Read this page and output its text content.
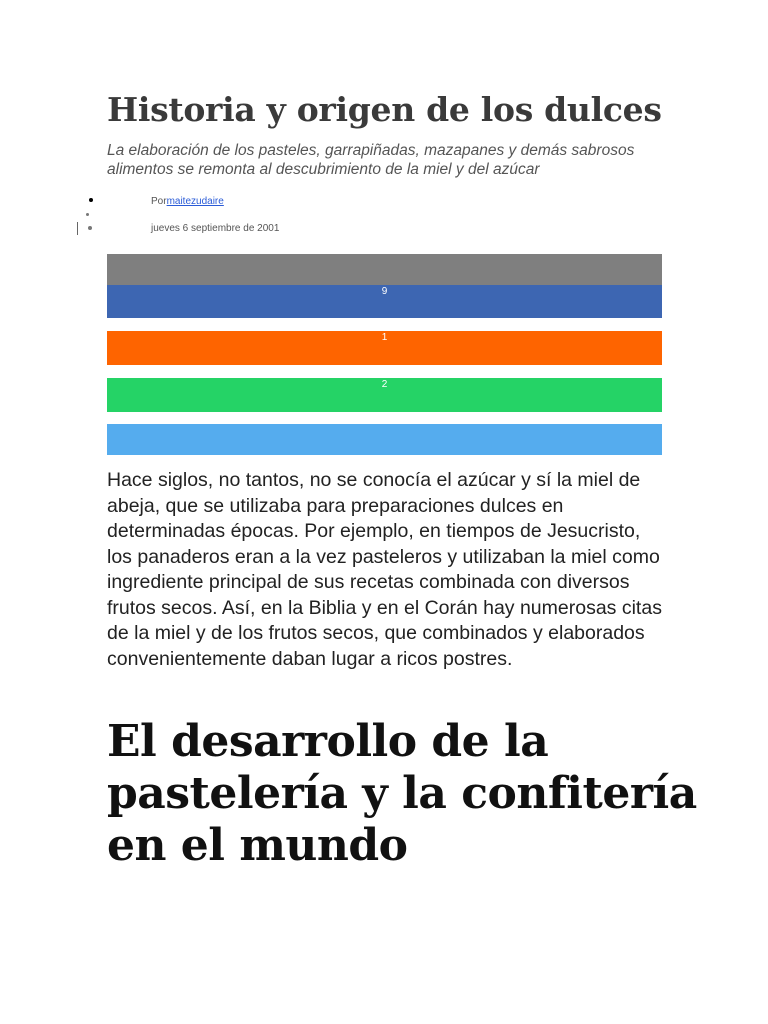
Historia y origen de los dulces

La elaboración de los pasteles, garrapiñadas, mazapanes y demás sabrosos alimentos se remonta al descubrimiento de la miel y del azúcar

Pormaitezudaire

jueves 6 septiembre de 2001

9
1
2

Hace siglos, no tantos, no se conocía el azúcar y sí la miel de abeja, que se utilizaba para preparaciones dulces en determinadas épocas. Por ejemplo, en tiempos de Jesucristo, los panaderos eran a la vez pasteleros y utilizaban la miel como ingrediente principal de sus recetas combinada con diversos frutos secos. Así, en la Biblia y en el Corán hay numerosas citas de la miel y de los frutos secos, que combinados y elaborados convenientemente daban lugar a ricos postres.

El desarrollo de la pastelería y la confitería en el mundo
